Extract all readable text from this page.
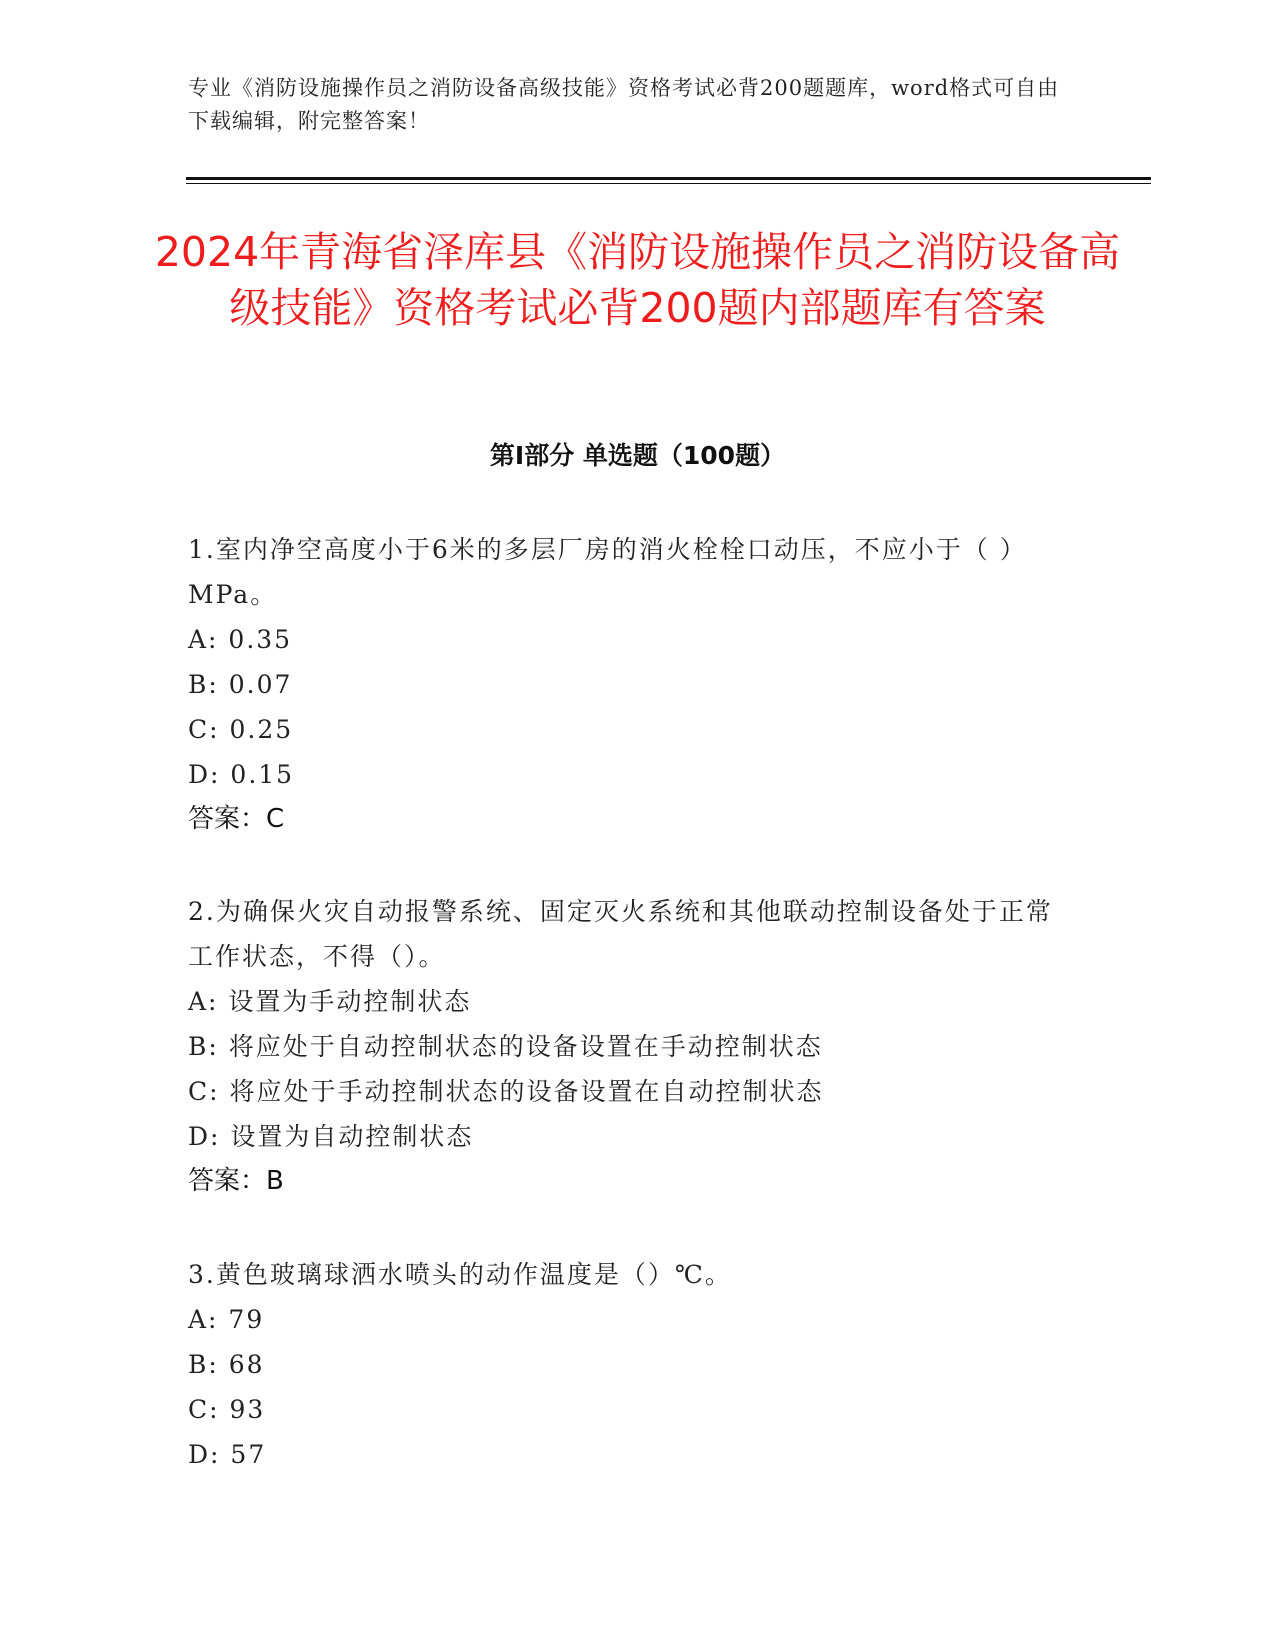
专业《消防设施操作员之消防设备高级技能》资格考试必背200题题库，word格式可自由下载编辑，附完整答案！
2024年青海省泽库县《消防设施操作员之消防设备高级技能》资格考试必背200题内部题库有答案
第Ⅰ部分 单选题（100题）

1.室内净空高度小于6米的多层厂房的消火栓栓口动压，不应小于（ ）MPa。

A: 0.35

B: 0.07

C: 0.25

D: 0.15

答案：C

2.为确保火灾自动报警系统、固定灭火系统和其他联动控制设备处于正常工作状态，不得（）。

A: 设置为手动控制状态

B: 将应处于自动控制状态的设备设置在手动控制状态

C: 将应处于手动控制状态的设备设置在自动控制状态

D: 设置为自动控制状态

答案：B

3.黄色玻璃球洒水喷头的动作温度是（）℃。

A: 79

B: 68

C: 93

D: 57
